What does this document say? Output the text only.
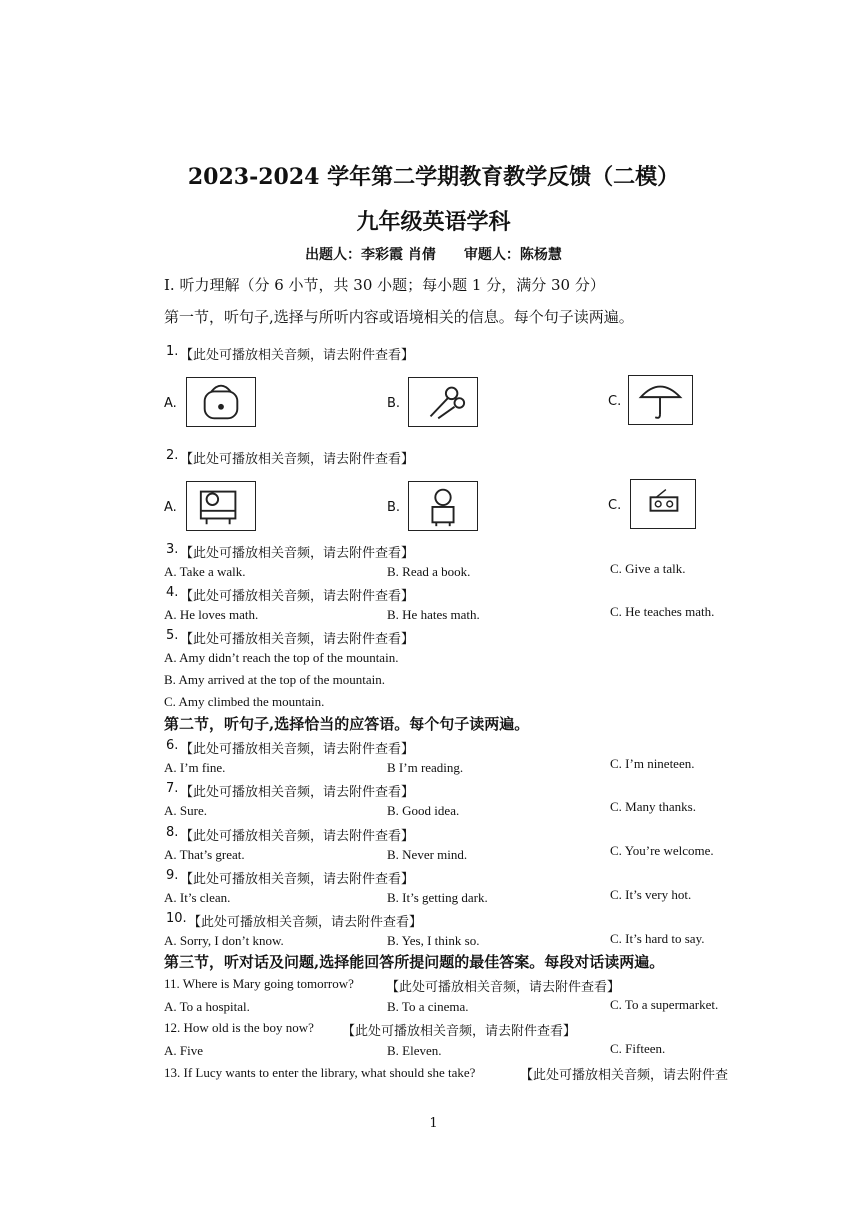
2023-2024 学年第二学期教育教学反馈（二模）
九年级英语学科
出题人：李彩霞 肖倩　　审题人：陈杨慧
I. 听力理解（分 6 小节，共 30 小题；每小题 1 分，满分 30 分）
第一节，听句子,选择与所听内容或语境相关的信息。每个句子读两遍。
1. 【此处可播放相关音频，请去附件查看】
A.	B.	C.
2. 【此处可播放相关音频，请去附件查看】
A.	B.	C.
3. 【此处可播放相关音频，请去附件查看】
A. Take a walk.	B. Read a book.	C. Give a talk.
4. 【此处可播放相关音频，请去附件查看】
A. He loves math.	B. He hates math.	C. He teaches math.
5. 【此处可播放相关音频，请去附件查看】
A. Amy didn’t reach the top of the mountain.
B. Amy arrived at the top of the mountain.
C. Amy climbed the mountain.
第二节，听句子,选择恰当的应答语。每个句子读两遍。
6. 【此处可播放相关音频，请去附件查看】
A. I’m fine.	B I’m reading.	C. I’m nineteen.
7. 【此处可播放相关音频，请去附件查看】
A. Sure.	B. Good idea.	C. Many thanks.
8. 【此处可播放相关音频，请去附件查看】
A. That’s great.	B. Never mind.	C. You’re welcome.
9. 【此处可播放相关音频，请去附件查看】
A. It’s clean.	B. It’s getting dark.	C. It’s very hot.
10. 【此处可播放相关音频，请去附件查看】
A. Sorry, I don’t know.	B. Yes, I think so.	C. It’s hard to say.
第三节，听对话及问题,选择能回答所提问题的最佳答案。每段对话读两遍。
11. Where is Mary going tomorrow? 【此处可播放相关音频，请去附件查看】
A. To a hospital.	B. To a cinema.	C. To a supermarket.
12. How old is the boy now? 【此处可播放相关音频，请去附件查看】
A. Five	B. Eleven.	C. Fifteen.
13. If Lucy wants to enter the library, what should she take?	【此处可播放相关音频，请去附件查
1
